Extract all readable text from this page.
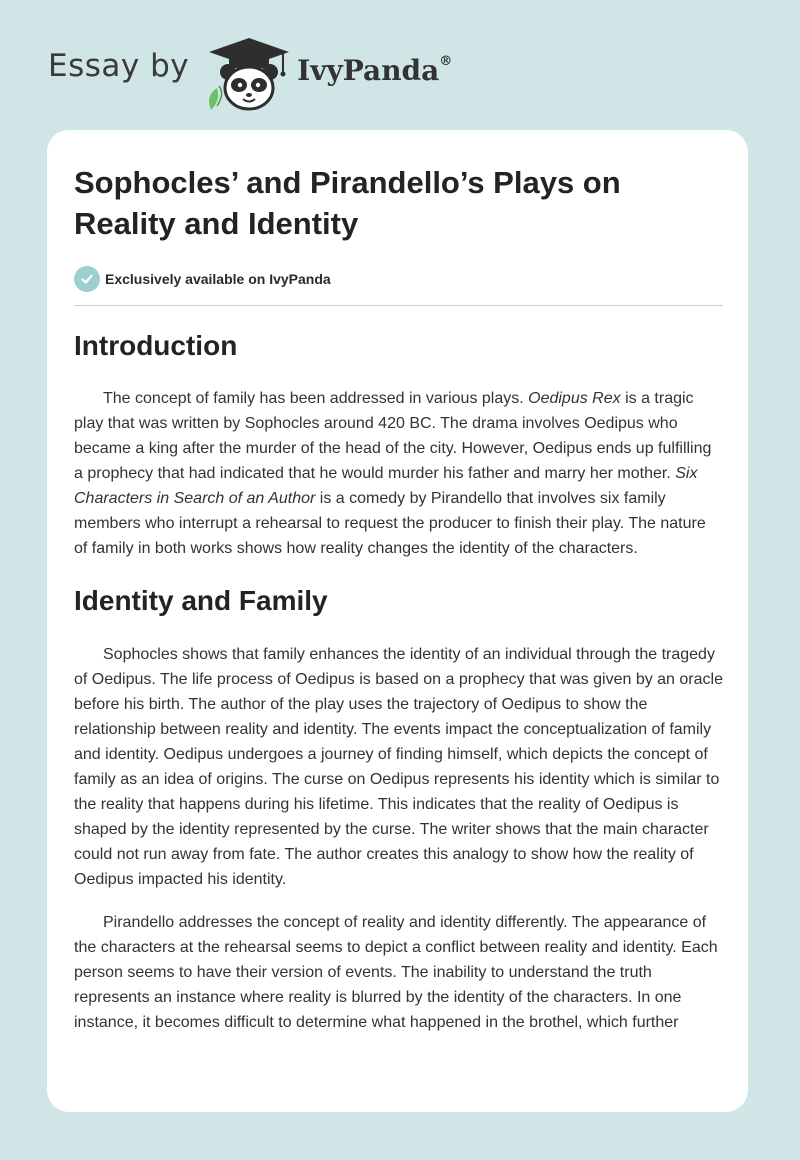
Essay by	IvyPanda®
Sophocles’ and Pirandello’s Plays on Reality and Identity
Exclusively available on IvyPanda
Introduction

The concept of family has been addressed in various plays. Oedipus Rex is a tragic play that was written by Sophocles around 420 BC. The drama involves Oedipus who became a king after the murder of the head of the city. However, Oedipus ends up fulfilling a prophecy that had indicated that he would murder his father and marry her mother. Six Characters in Search of an Author is a comedy by Pirandello that involves six family members who interrupt a rehearsal to request the producer to finish their play. The nature of family in both works shows how reality changes the identity of the characters.

Identity and Family

Sophocles shows that family enhances the identity of an individual through the tragedy of Oedipus. The life process of Oedipus is based on a prophecy that was given by an oracle before his birth. The author of the play uses the trajectory of Oedipus to show the relationship between reality and identity. The events impact the conceptualization of family and identity. Oedipus undergoes a journey of finding himself, which depicts the concept of family as an idea of origins. The curse on Oedipus represents his identity which is similar to the reality that happens during his lifetime. This indicates that the reality of Oedipus is shaped by the identity represented by the curse. The writer shows that the main character could not run away from fate. The author creates this analogy to show how the reality of Oedipus impacted his identity.

Pirandello addresses the concept of reality and identity differently. The appearance of the characters at the rehearsal seems to depict a conflict between reality and identity. Each person seems to have their version of events. The inability to understand the truth represents an instance where reality is blurred by the identity of the characters. In one instance, it becomes difficult to determine what happened in the brothel, which further
